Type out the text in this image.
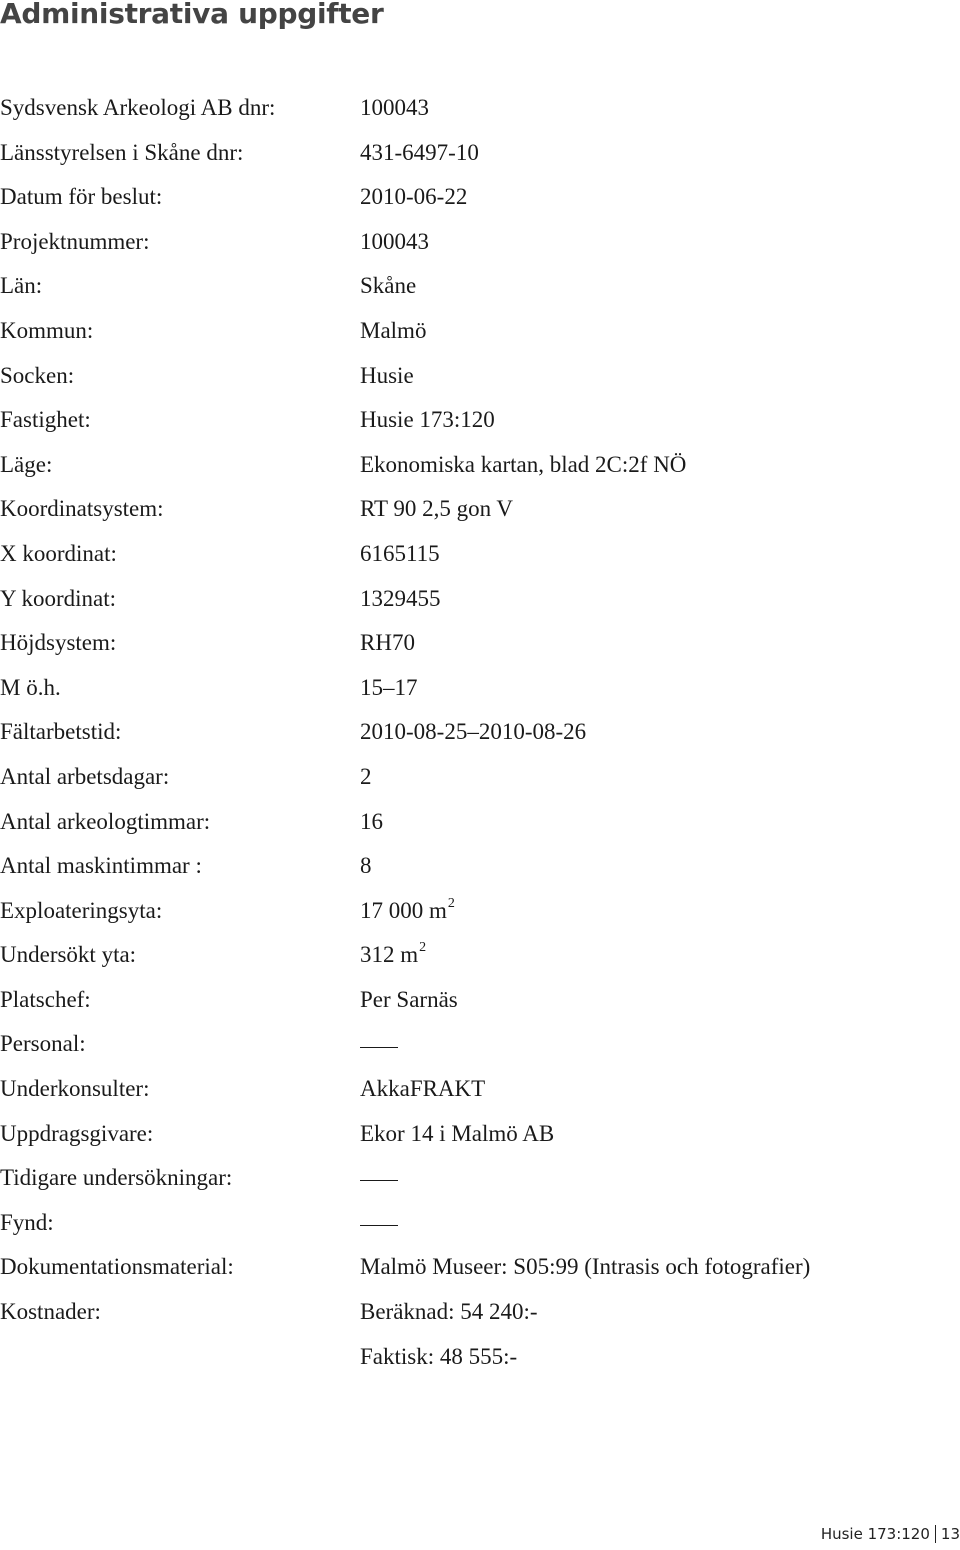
Administrativa uppgifter
Sydsvensk Arkeologi AB dnr:	100043
Länsstyrelsen i Skåne dnr:	431-6497-10
Datum för beslut:	2010-06-22
Projektnummer:	100043
Län:	Skåne
Kommun:	Malmö
Socken:	Husie
Fastighet:	Husie 173:120
Läge:	Ekonomiska kartan, blad 2C:2f NÖ
Koordinatsystem:	RT 90 2,5 gon V
X koordinat:	6165115
Y koordinat:	1329455
Höjdsystem:	RH70
M ö.h.	15–17
Fältarbetstid:	2010-08-25–2010-08-26
Antal arbetsdagar:	2
Antal arkeologtimmar:	16
Antal maskintimmar :	8
Exploateringsyta:	17 000 $m^2$
Undersökt yta:	312 $m^2$
Platschef:	Per Sarnäs
Personal:
Underkonsulter:	AkkaFRAKT
Uppdragsgivare:	Ekor 14 i Malmö AB
Tidigare undersökningar:
Fynd:
Dokumentationsmaterial:	Malmö Museer: S05:99 (Intrasis och fotografier)
Kostnader:	Beräknad: 54 240:-
Faktisk: 48 555:-
Husie 173:120 13
